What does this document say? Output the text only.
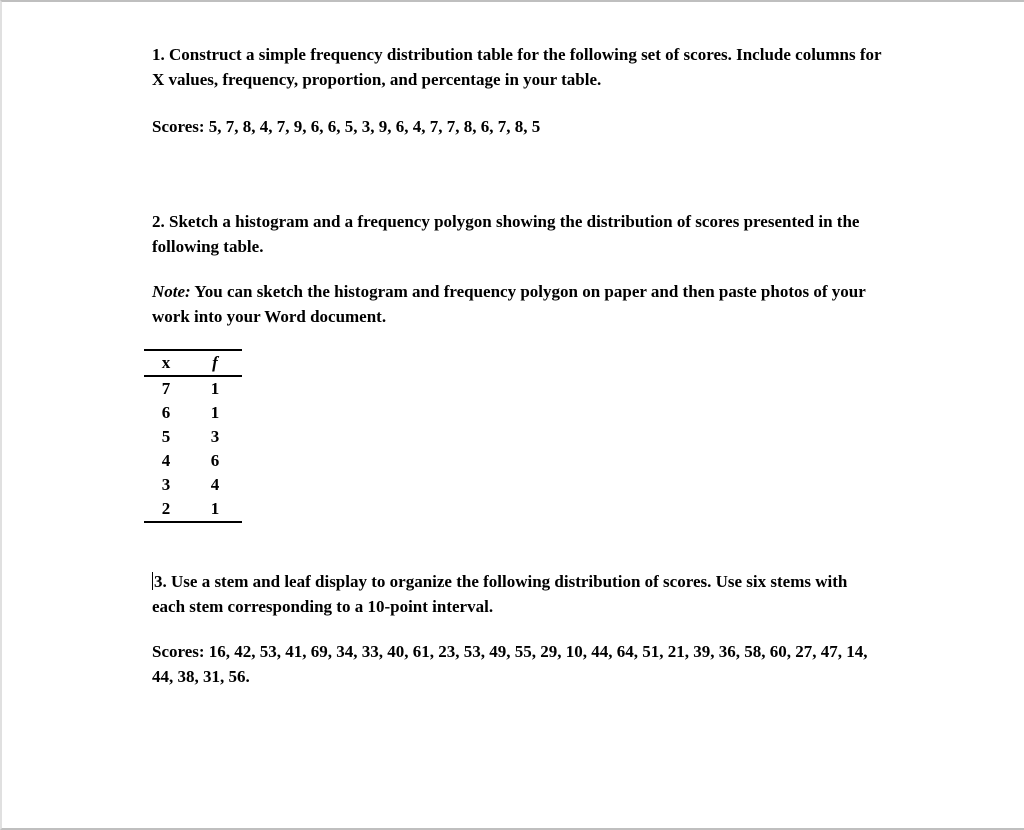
1. Construct a simple frequency distribution table for the following set of scores. Include columns for X values, frequency, proportion, and percentage in your table.

Scores: 5, 7, 8, 4, 7, 9, 6, 6, 5, 3, 9, 6, 4, 7, 7, 8, 6, 7, 8, 5

2. Sketch a histogram and a frequency polygon showing the distribution of scores presented in the following table.

Note: You can sketch the histogram and frequency polygon on paper and then paste photos of your work into your Word document.

x	f
7	1
6	1
5	3
4	6
3	4
2	1

3. Use a stem and leaf display to organize the following distribution of scores. Use six stems with each stem corresponding to a 10-point interval.

Scores: 16, 42, 53, 41, 69, 34, 33, 40, 61, 23, 53, 49, 55, 29, 10, 44, 64, 51, 21, 39, 36, 58, 60, 27, 47, 14, 44, 38, 31, 56.
